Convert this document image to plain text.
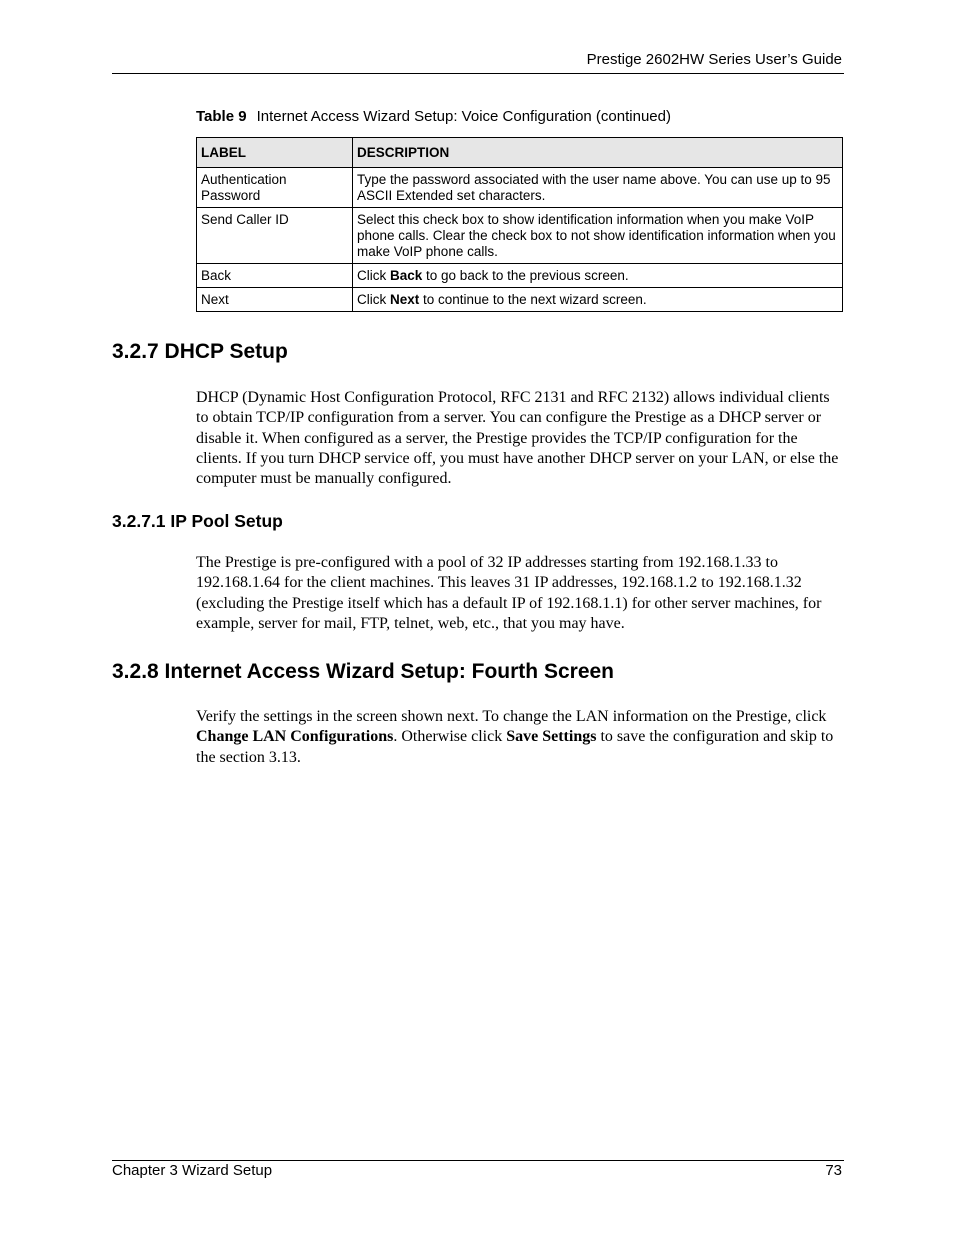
Prestige 2602HW Series User’s Guide
Table 9 Internet Access Wizard Setup: Voice Configuration (continued)
LABEL	DESCRIPTION
Authentication Password	Type the password associated with the user name above. You can use up to 95 ASCII Extended set characters.
Send Caller ID	Select this check box to show identification information when you make VoIP phone calls. Clear the check box to not show identification information when you make VoIP phone calls.
Back	Click Back to go back to the previous screen.
Next	Click Next to continue to the next wizard screen.
3.2.7 DHCP Setup
DHCP (Dynamic Host Configuration Protocol, RFC 2131 and RFC 2132) allows individual clients to obtain TCP/IP configuration from a server. You can configure the Prestige as a DHCP server or disable it. When configured as a server, the Prestige provides the TCP/IP configuration for the clients. If you turn DHCP service off, you must have another DHCP server on your LAN, or else the computer must be manually configured.
3.2.7.1 IP Pool Setup
The Prestige is pre-configured with a pool of 32 IP addresses starting from 192.168.1.33 to 192.168.1.64 for the client machines. This leaves 31 IP addresses, 192.168.1.2 to 192.168.1.32 (excluding the Prestige itself which has a default IP of 192.168.1.1) for other server machines, for example, server for mail, FTP, telnet, web, etc., that you may have.
3.2.8 Internet Access Wizard Setup: Fourth Screen
Verify the settings in the screen shown next. To change the LAN information on the Prestige, click Change LAN Configurations. Otherwise click Save Settings to save the configuration and skip to the section 3.13.
Chapter 3 Wizard Setup	73
